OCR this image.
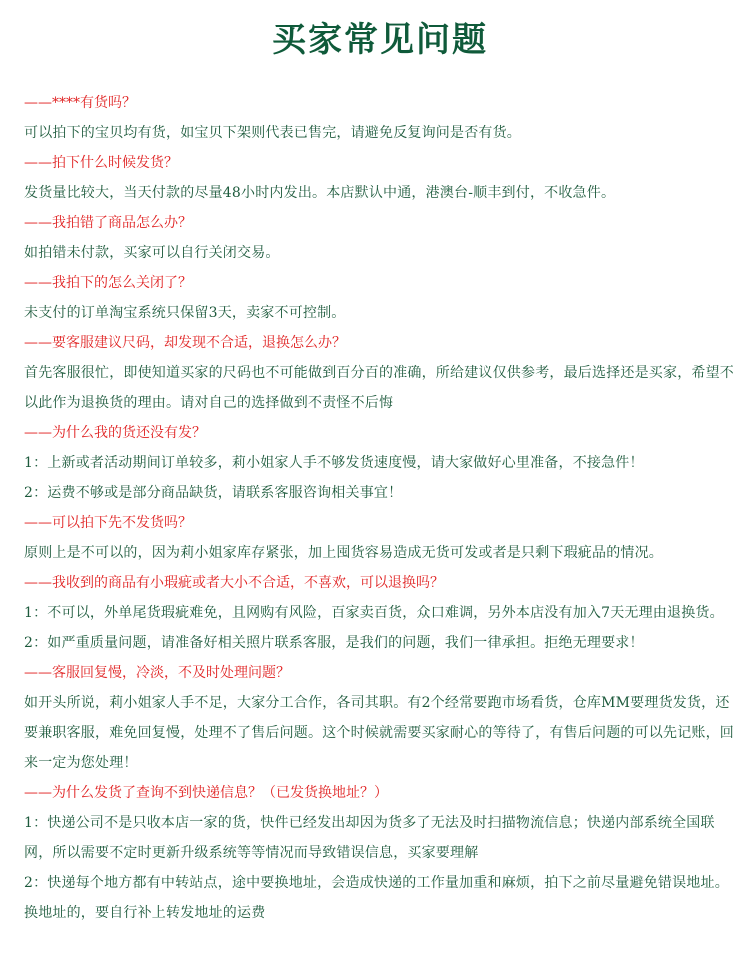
买家常见问题

——****有货吗？

可以拍下的宝贝均有货，如宝贝下架则代表已售完，请避免反复询问是否有货。

——拍下什么时候发货？

发货量比较大，当天付款的尽量48小时内发出。本店默认中通，港澳台-顺丰到付，不收急件。

——我拍错了商品怎么办？

如拍错未付款，买家可以自行关闭交易。

——我拍下的怎么关闭了？

未支付的订单淘宝系统只保留3天，卖家不可控制。

——要客服建议尺码，却发现不合适，退换怎么办？

首先客服很忙，即使知道买家的尺码也不可能做到百分百的准确，所给建议仅供参考，最后选择还是买家，希望不以此作为退换货的理由。请对自己的选择做到不责怪不后悔

——为什么我的货还没有发？

1：上新或者活动期间订单较多，莉小姐家人手不够发货速度慢，请大家做好心里准备，不接急件！

2：运费不够或是部分商品缺货，请联系客服咨询相关事宜！

——可以拍下先不发货吗？

原则上是不可以的，因为莉小姐家库存紧张，加上囤货容易造成无货可发或者是只剩下瑕疵品的情况。

——我收到的商品有小瑕疵或者大小不合适，不喜欢，可以退换吗？

1：不可以，外单尾货瑕疵难免，且网购有风险，百家卖百货，众口难调，另外本店没有加入7天无理由退换货。

2：如严重质量问题，请准备好相关照片联系客服，是我们的问题，我们一律承担。拒绝无理要求！

——客服回复慢，冷淡，不及时处理问题？

如开头所说，莉小姐家人手不足，大家分工合作，各司其职。有2个经常要跑市场看货，仓库MM要理货发货，还要兼职客服，难免回复慢，处理不了售后问题。这个时候就需要买家耐心的等待了，有售后问题的可以先记账，回来一定为您处理！

——为什么发货了查询不到快递信息？（已发货换地址？）

1：快递公司不是只收本店一家的货，快件已经发出却因为货多了无法及时扫描物流信息；快递内部系统全国联网，所以需要不定时更新升级系统等等情况而导致错误信息，买家要理解

2：快递每个地方都有中转站点，途中要换地址，会造成快递的工作量加重和麻烦，拍下之前尽量避免错误地址。换地址的，要自行补上转发地址的运费
